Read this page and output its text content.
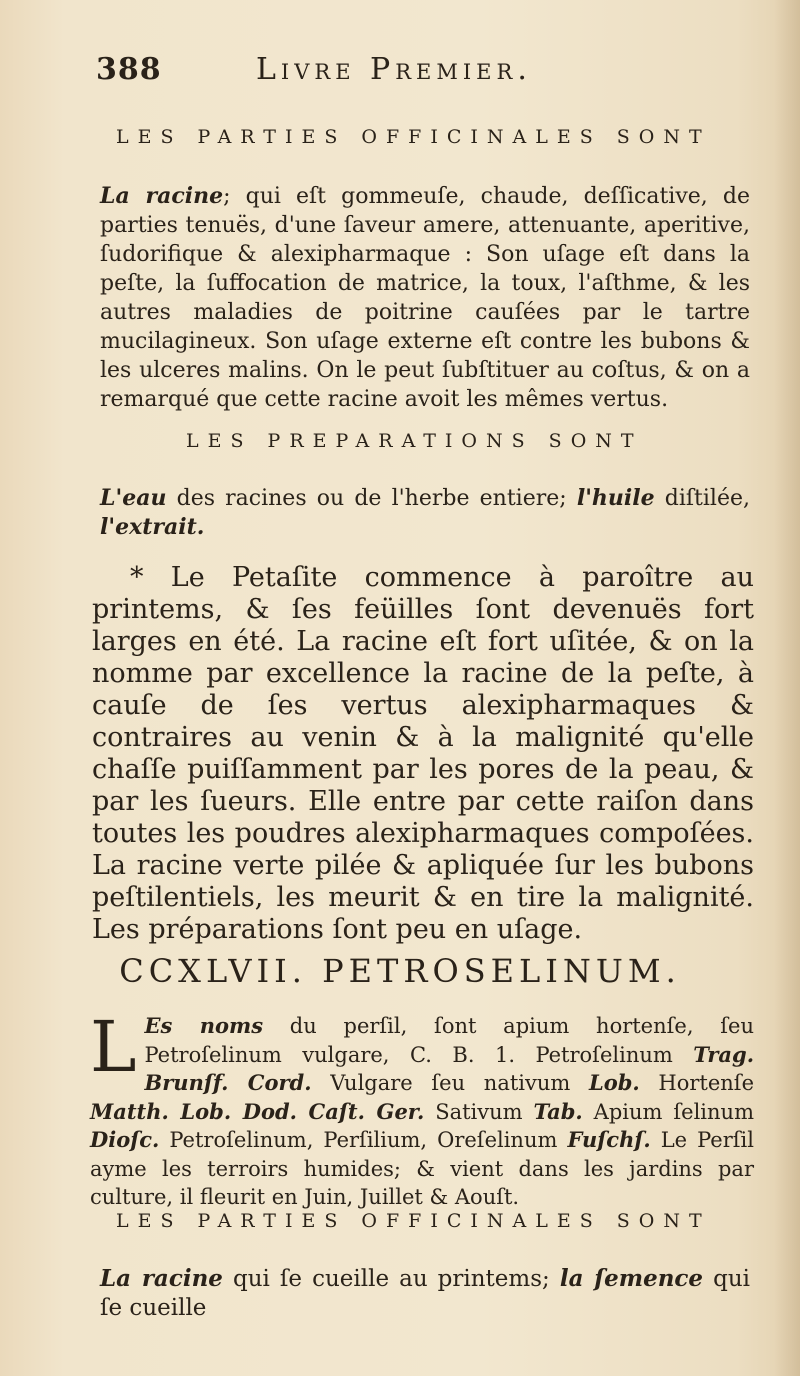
388	Livre Premier.
LES PARTIES OFFICINALES SONT
La racine; qui eſt gommeuſe, chaude, deſſicative, de parties tenuës, d'une ſaveur amere, attenuante, aperitive, ſudorifique & alexipharmaque : Son uſage eſt dans la peſte, la ſuffocation de matrice, la toux, l'aſthme, & les autres maladies de poitrine cauſées par le tartre mucilagineux. Son uſage externe eſt contre les bubons & les ulceres malins. On le peut ſubſtituer au coſtus, & on a remarqué que cette racine avoit les mêmes vertus.
LES PREPARATIONS SONT
L'eau des racines ou de l'herbe entiere; l'huile diſtilée, l'extrait.
* Le Petaſite commence à paroître au printems, & ſes feüilles ſont devenuës fort larges en été. La racine eſt fort uſitée, & on la nomme par excellence la racine de la peſte, à cauſe de ſes vertus alexipharmaques & contraires au venin & à la malignité qu'elle chaſſe puiſſamment par les pores de la peau, & par les ſueurs. Elle entre par cette raiſon dans toutes les poudres alexipharmaques compoſées. La racine verte pilée & apliquée ſur les bubons peſtilentiels, les meurit & en tire la malignité. Les préparations ſont peu en uſage.
CCXLVII. PETROSELINUM.
L Es noms du perſil, ſont apium hortenſe, ſeu Petroſelinum vulgare, C. B. 1. Petroſelinum Trag. Brunſf. Cord. Vulgare ſeu nativum Lob. Hortenſe Matth. Lob. Dod. Caſt. Ger. Sativum Tab. Apium ſelinum Dioſc. Petroſelinum, Perſilium, Oreſelinum Fuſchſ. Le Perſil ayme les terroirs humides; & vient dans les jardins par culture, il fleurit en Juin, Juillet & Aouſt.
LES PARTIES OFFICINALES SONT
La racine qui ſe cueille au printems; la ſemence qui ſe cueille
